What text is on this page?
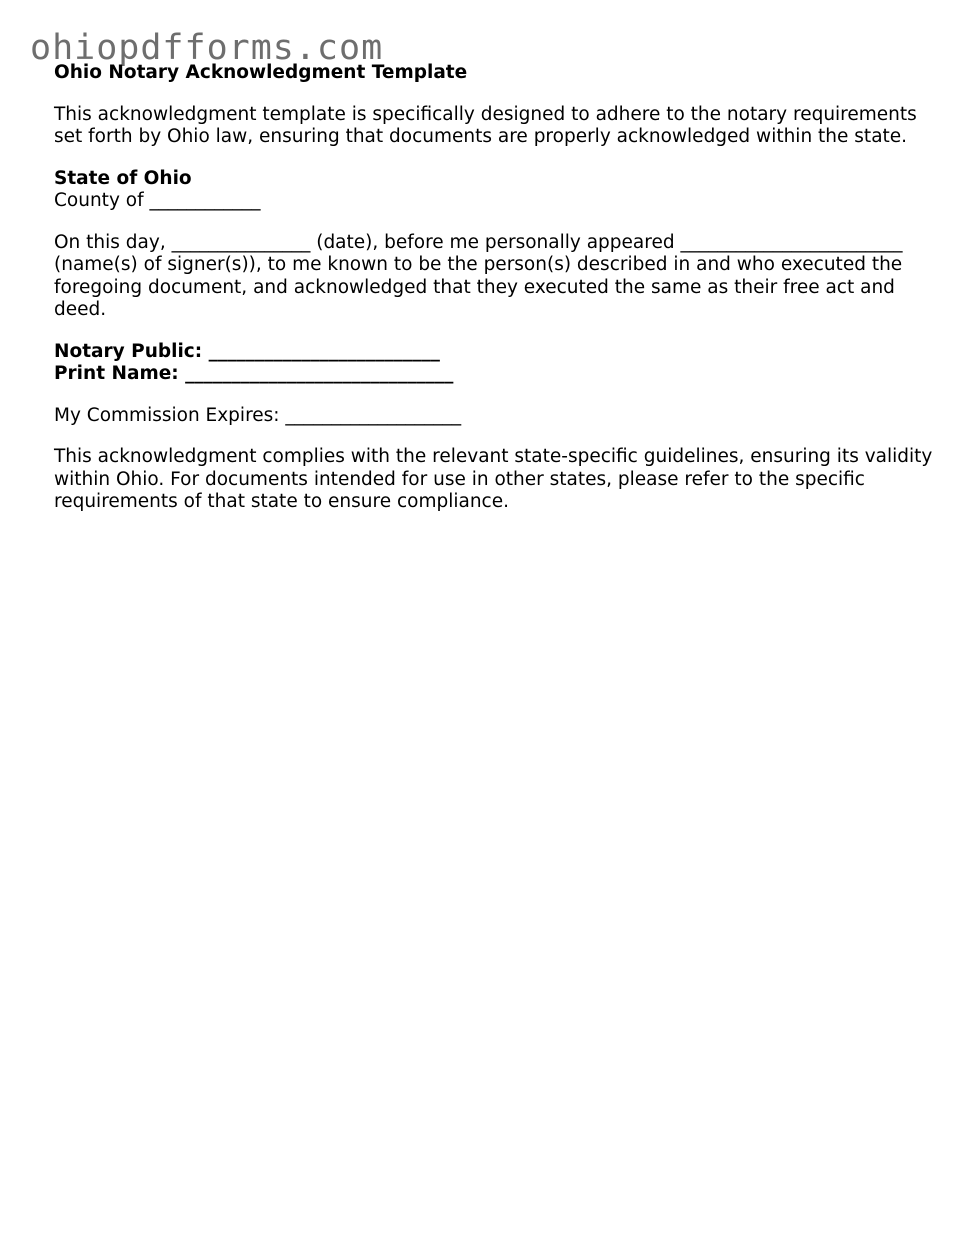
ohiopdfforms.com
Ohio Notary Acknowledgment Template

This acknowledgment template is specifically designed to adhere to the notary requirements set forth by Ohio law, ensuring that documents are properly acknowledged within the state.

State of Ohio
County of ____________

On this day, _______________ (date), before me personally appeared ________________________ (name(s) of signer(s)), to me known to be the person(s) described in and who executed the foregoing document, and acknowledged that they executed the same as their free act and deed.

Notary Public: _________________________
Print Name: _____________________________

My Commission Expires: ___________________

This acknowledgment complies with the relevant state-specific guidelines, ensuring its validity within Ohio. For documents intended for use in other states, please refer to the specific requirements of that state to ensure compliance.
